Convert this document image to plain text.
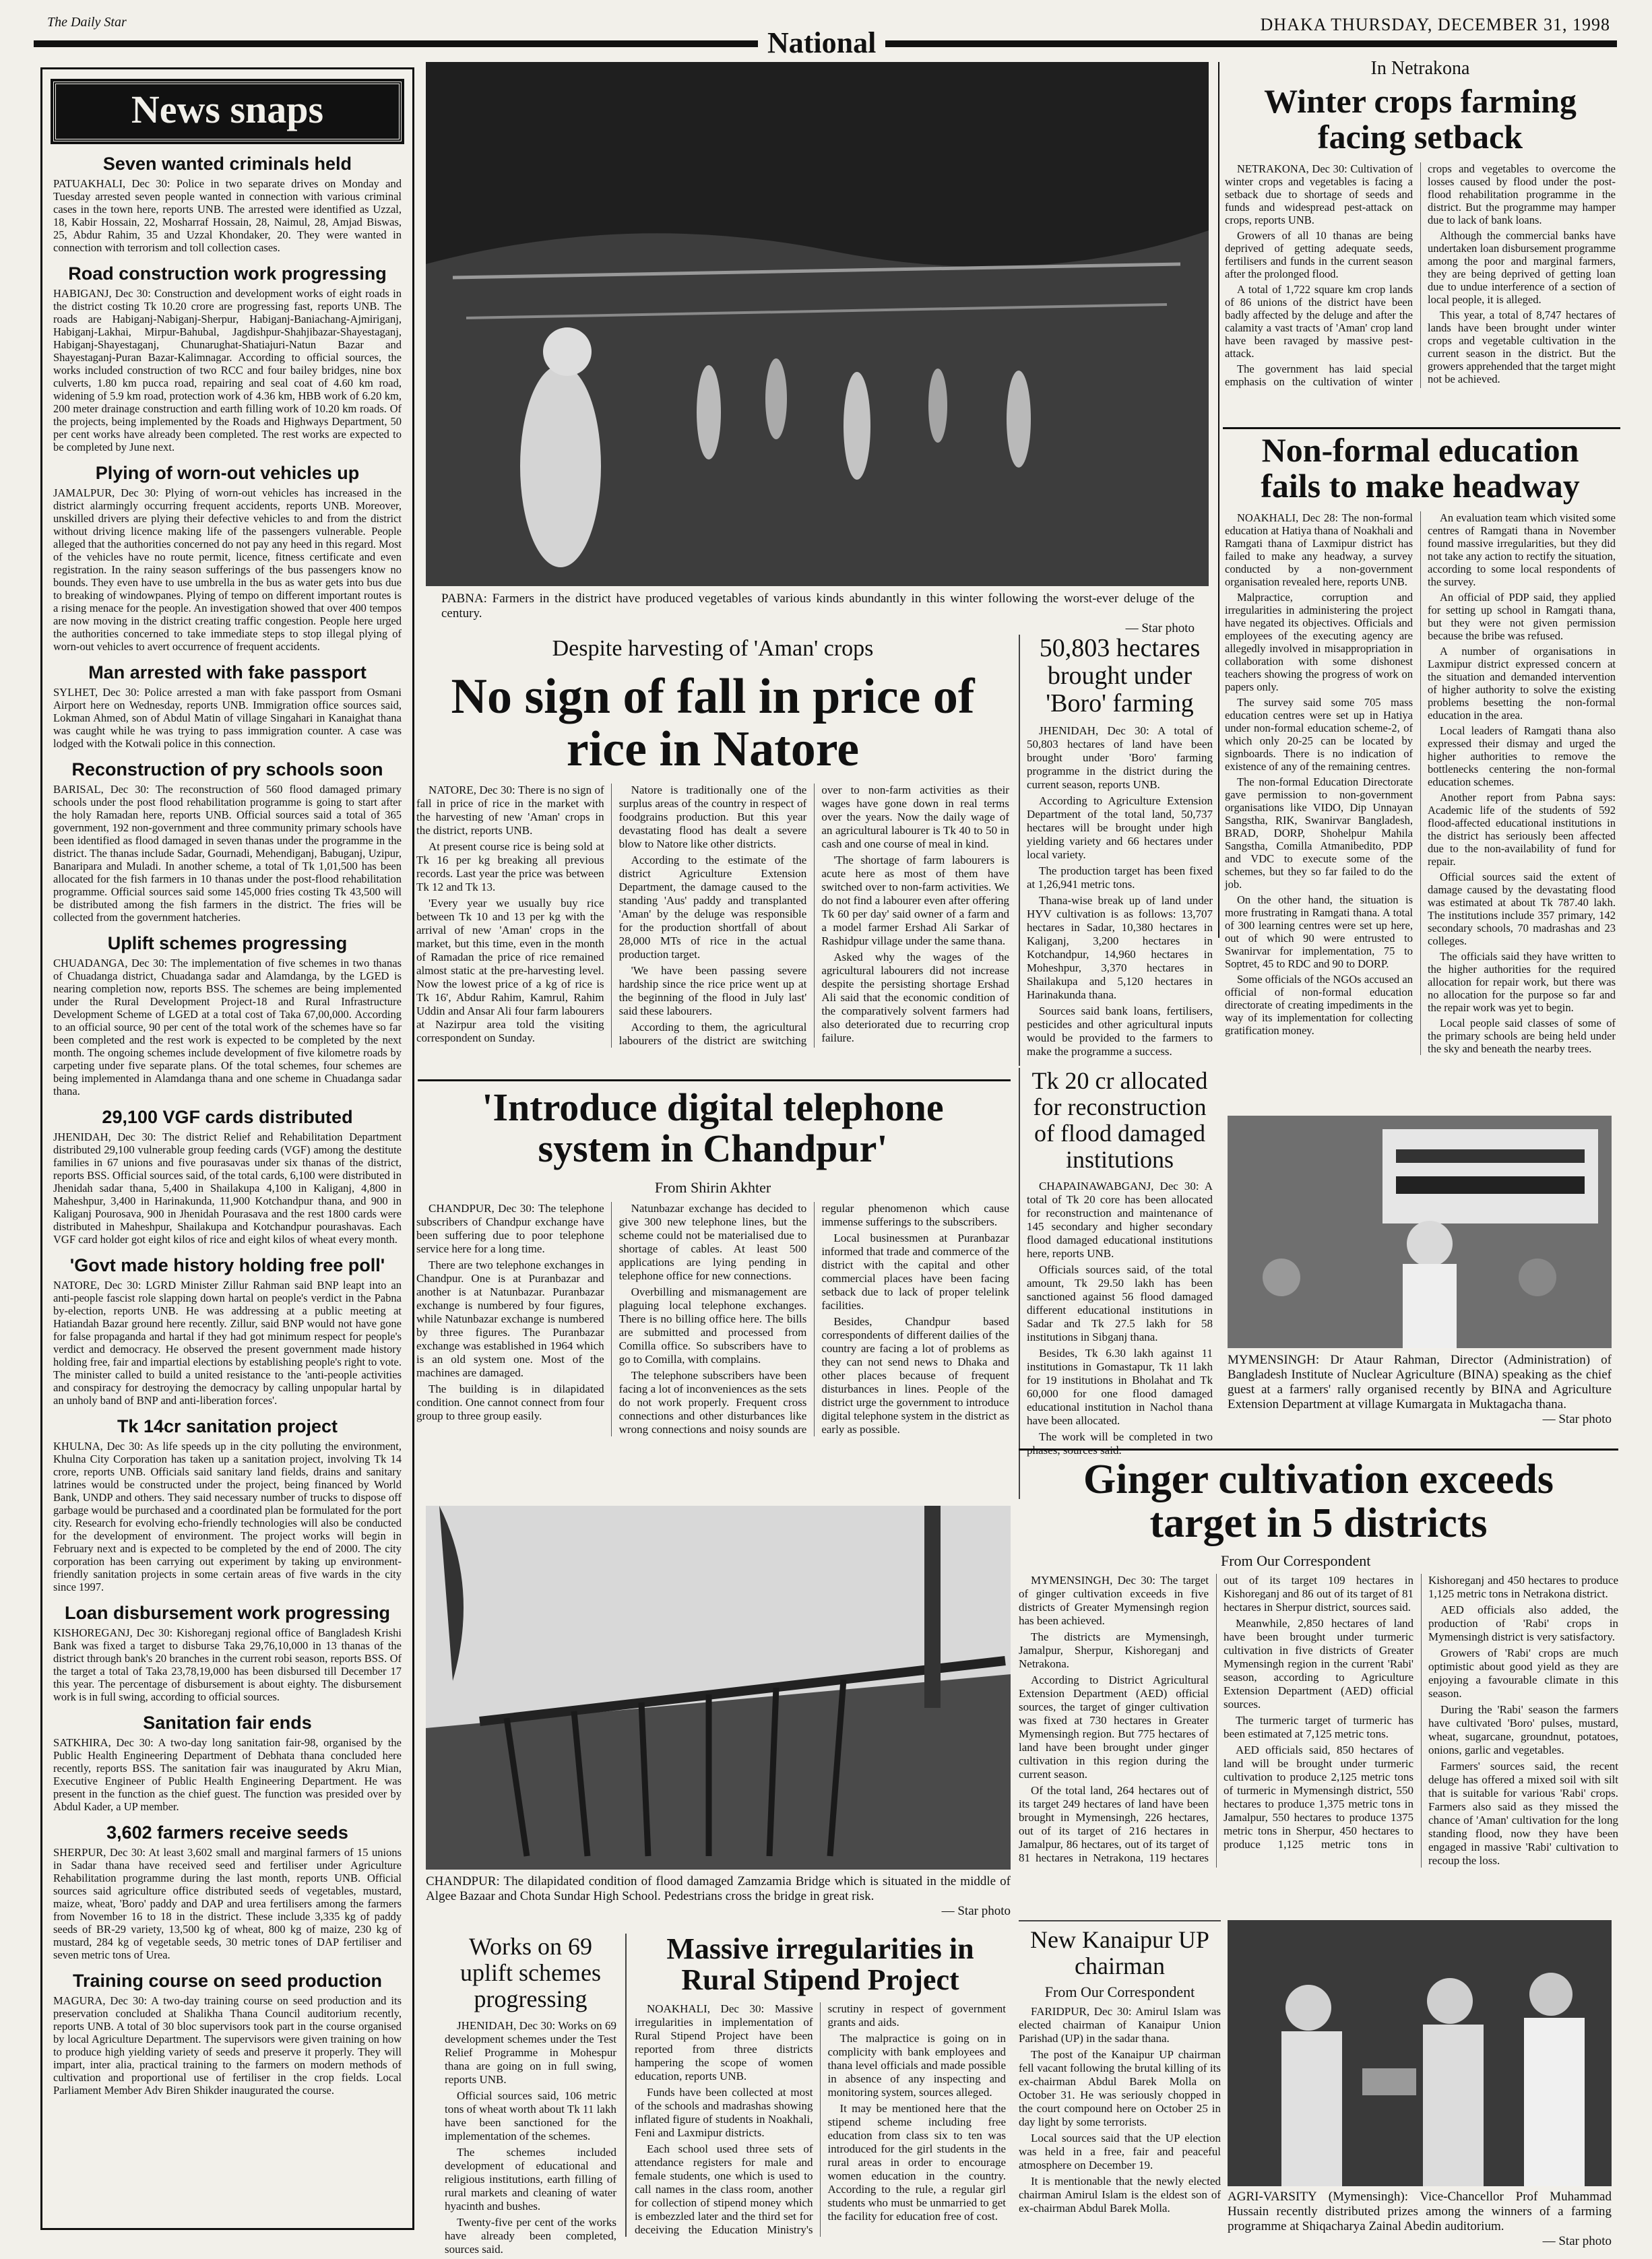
The Daily Star	DHAKA THURSDAY, DECEMBER 31, 1998
National
News snaps
Seven wanted criminals held

PATUAKHALI, Dec 30: Police in two separate drives on Monday and Tuesday arrested seven people wanted in connection with various criminal cases in the town here, reports UNB. The arrested were identified as Uzzal, 18, Kabir Hossain, 22, Mosharraf Hossain, 28, Naimul, 28, Amjad Biswas, 25, Abdur Rahim, 35 and Uzzal Khondaker, 20. They were wanted in connection with terrorism and toll collection cases.

Road construction work progressing

HABIGANJ, Dec 30: Construction and development works of eight roads in the district costing Tk 10.20 crore are progressing fast, reports UNB. The roads are Habiganj-Nabiganj-Sherpur, Habiganj-Baniachang-Ajmiriganj, Habiganj-Lakhai, Mirpur-Bahubal, Jagdishpur-Shahjibazar-Shayestaganj, Habiganj-Shayestaganj, Chunarughat-Shatiajuri-Natun Bazar and Shayestaganj-Puran Bazar-Kalimnagar. According to official sources, the works included construction of two RCC and four bailey bridges, nine box culverts, 1.80 km pucca road, repairing and seal coat of 4.60 km road, widening of 5.9 km road, protection work of 4.36 km, HBB work of 6.20 km, 200 meter drainage construction and earth filling work of 10.20 km roads. Of the projects, being implemented by the Roads and Highways Department, 50 per cent works have already been completed. The rest works are expected to be completed by June next.

Plying of worn-out vehicles up

JAMALPUR, Dec 30: Plying of worn-out vehicles has increased in the district alarmingly occurring frequent accidents, reports UNB. Moreover, unskilled drivers are plying their defective vehicles to and from the district without driving licence making life of the passengers vulnerable. People alleged that the authorities concerned do not pay any heed in this regard. Most of the vehicles have no route permit, licence, fitness certificate and even registration. In the rainy season sufferings of the bus passengers know no bounds. They even have to use umbrella in the bus as water gets into bus due to breaking of windowpanes. Plying of tempo on different important routes is a rising menace for the people. An investigation showed that over 400 tempos are now moving in the district creating traffic congestion. People here urged the authorities concerned to take immediate steps to stop illegal plying of worn-out vehicles to avert occurrence of frequent accidents.

Man arrested with fake passport

SYLHET, Dec 30: Police arrested a man with fake passport from Osmani Airport here on Wednesday, reports UNB. Immigration office sources said, Lokman Ahmed, son of Abdul Matin of village Singahari in Kanaighat thana was caught while he was trying to pass immigration counter. A case was lodged with the Kotwali police in this connection.

Reconstruction of pry schools soon

BARISAL, Dec 30: The reconstruction of 560 flood damaged primary schools under the post flood rehabilitation programme is going to start after the holy Ramadan here, reports UNB. Official sources said a total of 365 government, 192 non-government and three community primary schools have been identified as flood damaged in seven thanas under the programme in the district. The thanas include Sadar, Gournadi, Mehendiganj, Babuganj, Uzipur, Banaripara and Muladi. In another scheme, a total of Tk 1,01,500 has been allocated for the fish farmers in 10 thanas under the post-flood rehabilitation programme. Official sources said some 145,000 fries costing Tk 43,500 will be distributed among the fish farmers in the district. The fries will be collected from the government hatcheries.

Uplift schemes progressing

CHUADANGA, Dec 30: The implementation of five schemes in two thanas of Chuadanga district, Chuadanga sadar and Alamdanga, by the LGED is nearing completion now, reports BSS. The schemes are being implemented under the Rural Development Project-18 and Rural Infrastructure Development Scheme of LGED at a total cost of Taka 67,00,000. According to an official source, 90 per cent of the total work of the schemes have so far been completed and the rest work is expected to be completed by the next month. The ongoing schemes include development of five kilometre roads by carpeting under five separate plans. Of the total schemes, four schemes are being implemented in Alamdanga thana and one scheme in Chuadanga sadar thana.

29,100 VGF cards distributed

JHENIDAH, Dec 30: The district Relief and Rehabilitation Department distributed 29,100 vulnerable group feeding cards (VGF) among the destitute families in 67 unions and five pourasavas under six thanas of the district, reports BSS. Official sources said, of the total cards, 6,100 were distributed in Jhenidah sadar thana, 5,400 in Shailakupa 4,100 in Kaliganj, 4,800 in Maheshpur, 3,400 in Harinakunda, 11,900 Kotchandpur thana, and 900 in Kaliganj Pourosava, 900 in Jhenidah Pourasava and the rest 1800 cards were distributed in Maheshpur, Shailakupa and Kotchandpur pourashavas. Each VGF card holder got eight kilos of rice and eight kilos of wheat every month.

'Govt made history holding free poll'

NATORE, Dec 30: LGRD Minister Zillur Rahman said BNP leapt into an anti-people fascist role slapping down hartal on people's verdict in the Pabna by-election, reports UNB. He was addressing at a public meeting at Hatiandah Bazar ground here recently. Zillur, said BNP would not have gone for false propaganda and hartal if they had got minimum respect for people's verdict and democracy. He observed the present government made history holding free, fair and impartial elections by establishing people's right to vote. The minister called to build a united resistance to the 'anti-people activities and conspiracy for destroying the democracy by calling unpopular hartal by an unholy band of BNP and anti-liberation forces'.

Tk 14cr sanitation project

KHULNA, Dec 30: As life speeds up in the city polluting the environment, Khulna City Corporation has taken up a sanitation project, involving Tk 14 crore, reports UNB. Officials said sanitary land fields, drains and sanitary latrines would be constructed under the project, being financed by World Bank, UNDP and others. They said necessary number of trucks to dispose off garbage would be purchased and a coordinated plan be formulated for the port city. Research for evolving echo-friendly technologies will also be conducted for the development of environment. The project works will begin in February next and is expected to be completed by the end of 2000. The city corporation has been carrying out experiment by taking up environment-friendly sanitation projects in some certain areas of five wards in the city since 1997.

Loan disbursement work progressing

KISHOREGANJ, Dec 30: Kishoreganj regional office of Bangladesh Krishi Bank was fixed a target to disburse Taka 29,76,10,000 in 13 thanas of the district through bank's 20 branches in the current robi season, reports BSS. Of the target a total of Taka 23,78,19,000 has been disbursed till December 17 this year. The percentage of disbursement is about eighty. The disbursement work is in full swing, according to official sources.

Sanitation fair ends

SATKHIRA, Dec 30: A two-day long sanitation fair-98, organised by the Public Health Engineering Department of Debhata thana concluded here recently, reports BSS. The sanitation fair was inaugurated by Akru Mian, Executive Engineer of Public Health Engineering Department. He was present in the function as the chief guest. The function was presided over by Abdul Kader, a UP member.

3,602 farmers receive seeds

SHERPUR, Dec 30: At least 3,602 small and marginal farmers of 15 unions in Sadar thana have received seed and fertiliser under Agriculture Rehabilitation programme during the last month, reports UNB. Official sources said agriculture office distributed seeds of vegetables, mustard, maize, wheat, 'Boro' paddy and DAP and urea fertilisers among the farmers from November 16 to 18 in the district. These include 3,335 kg of paddy seeds of BR-29 variety, 13,500 kg of wheat, 800 kg of maize, 230 kg of mustard, 284 kg of vegetable seeds, 30 metric tones of DAP fertiliser and seven metric tons of Urea.

Training course on seed production

MAGURA, Dec 30: A two-day training course on seed production and its preservation concluded at Shalikha Thana Council auditorium recently, reports UNB. A total of 30 bloc supervisors took part in the course organised by local Agriculture Department. The supervisors were given training on how to produce high yielding variety of seeds and preserve it properly. They will impart, inter alia, practical training to the farmers on modern methods of cultivation and proportional use of fertiliser in the crop fields. Local Parliament Member Adv Biren Shikder inaugurated the course.

PABNA: Farmers in the district have produced vegetables of various kinds abundantly in this winter following the worst-ever deluge of the century.
— Star photo
Despite harvesting of 'Aman' crops
No sign of fall in price of rice in Natore

NATORE, Dec 30: There is no sign of fall in price of rice in the market with the harvesting of new 'Aman' crops in the district, reports UNB.

At present course rice is being sold at Tk 16 per kg breaking all previous records. Last year the price was between Tk 12 and Tk 13.

'Every year we usually buy rice between Tk 10 and 13 per kg with the arrival of new 'Aman' crops in the market, but this time, even in the month of Ramadan the price of rice remained almost static at the pre-harvesting level. Now the lowest price of a kg of rice is Tk 16', Abdur Rahim, Kamrul, Rahim Uddin and Ansar Ali four farm labourers at Nazirpur area told the visiting correspondent on Sunday.

Natore is traditionally one of the surplus areas of the country in respect of foodgrains production. But this year devastating flood has dealt a severe blow to Natore like other districts.

According to the estimate of the district Agriculture Extension Department, the damage caused to the standing 'Aus' paddy and transplanted 'Aman' by the deluge was responsible for the production shortfall of about 28,000 MTs of rice in the actual production target.

'We have been passing severe hardship since the rice price went up at the beginning of the flood in July last' said these labourers.

According to them, the agricultural labourers of the district are switching over to non-farm activities as their wages have gone down in real terms over the years. Now the daily wage of an agricultural labourer is Tk 40 to 50 in cash and one course of meal in kind.

'The shortage of farm labourers is acute here as most of them have switched over to non-farm activities. We do not find a labourer even after offering Tk 60 per day' said owner of a farm and a model farmer Ershad Ali Sarkar of Rashidpur village under the same thana.

Asked why the wages of the agricultural labourers did not increase despite the persisting shortage Ershad Ali said that the economic condition of the comparatively solvent farmers had also deteriorated due to recurring crop failure.

50,803 hectares brought under 'Boro' farming

JHENIDAH, Dec 30: A total of 50,803 hectares of land have been brought under 'Boro' farming programme in the district during the current season, reports UNB.

According to Agriculture Extension Department of the total land, 50,737 hectares will be brought under high yielding variety and 66 hectares under local variety.

The production target has been fixed at 1,26,941 metric tons.

Thana-wise break up of land under HYV cultivation is as follows: 13,707 hectares in Sadar, 10,380 hectares in Kaliganj, 3,200 hectares in Kotchandpur, 14,960 hectares in Moheshpur, 3,370 hectares in Shailakupa and 5,120 hectares in Harinakunda thana.

Sources said bank loans, fertilisers, pesticides and other agricultural inputs would be provided to the farmers to make the programme a success.

'Introduce digital telephone system in Chandpur'
From Shirin Akhter

CHANDPUR, Dec 30: The telephone subscribers of Chandpur exchange have been suffering due to poor telephone service here for a long time.

There are two telephone exchanges in Chandpur. One is at Puranbazar and another is at Natunbazar. Puranbazar exchange is numbered by four figures, while Natunbazar exchange is numbered by three figures. The Puranbazar exchange was established in 1964 which is an old system one. Most of the machines are damaged.

The building is in dilapidated condition. One cannot connect from four group to three group easily.

Natunbazar exchange has decided to give 300 new telephone lines, but the scheme could not be materialised due to shortage of cables. At least 500 applications are lying pending in telephone office for new connections.

Overbilling and mismanagement are plaguing local telephone exchanges. There is no billing office here. The bills are submitted and processed from Comilla office. So subscribers have to go to Comilla, with complains.

The telephone subscribers have been facing a lot of inconveniences as the sets do not work properly. Frequent cross connections and other disturbances like wrong connections and noisy sounds are regular phenomenon which cause immense sufferings to the subscribers.

Local businessmen at Puranbazar informed that trade and commerce of the district with the capital and other commercial places have been facing setback due to lack of proper telelink facilities.

Besides, Chandpur based correspondents of different dailies of the country are facing a lot of problems as they can not send news to Dhaka and other places because of frequent disturbances in lines. People of the district urge the government to introduce digital telephone system in the district as early as possible.

Tk 20 cr allocated for reconstruction of flood damaged institutions

CHAPAINAWABGANJ, Dec 30: A total of Tk 20 core has been allocated for reconstruction and maintenance of 145 secondary and higher secondary flood damaged educational institutions here, reports UNB.

Officials sources said, of the total amount, Tk 29.50 lakh has been sanctioned against 56 flood damaged different educational institutions in Sadar and Tk 27.5 lakh for 58 institutions in Sibganj thana.

Besides, Tk 6.30 lakh against 11 institutions in Gomastapur, Tk 11 lakh for 19 institutions in Bholahat and Tk 60,000 for one flood damaged educational institution in Nachol thana have been allocated.

The work will be completed in two

CHANDPUR: The dilapidated condition of flood damaged Zamzamia Bridge which is situated in the middle of Algee Bazaar and Chota Sundar High School. Pedestrians cross the bridge in great risk.
— Star photo
Works on 69 uplift schemes progressing

JHENIDAH, Dec 30: Works on 69 development schemes under the Test Relief Programme in Mohespur thana are going on in full swing, reports UNB.

Official sources said, 106 metric tons of wheat worth about Tk 11 lakh have been sanctioned for the implementation of the schemes.

The schemes included development of educational and religious institutions, earth filling of rural markets and cleaning of water hyacinth and bushes.

Twenty-five per cent of the works have already been completed, sources said.

Massive irregularities in Rural Stipend Project

NOAKHALI, Dec 30: Massive irregularities in implementation of Rural Stipend Project have been reported from three districts hampering the scope of women education, reports UNB.

Funds have been collected at most of the schools and madrashas showing inflated figure of students in Noakhali, Feni and Laxmipur districts.

Each school used three sets of attendance registers for male and female students, one which is used to call names in the class room, another for collection of stipend money which is embezzled later and the third set for deceiving the Education Ministry's scrutiny in respect of government grants and aids.

The malpractice is going on in complicity with bank employees and thana level officials and made possible in absence of any inspecting and monitoring system, sources alleged.

It may be mentioned here that the stipend scheme including free education from class six to ten was introduced for the girl students in the rural areas in order to encourage women education in the country. According to the rule, a regular girl students who must be unmarried to get the facility for education free of cost.

In Netrakona
Winter crops farming facing setback

NETRAKONA, Dec 30: Cultivation of winter crops and vegetables is facing a setback due to shortage of seeds and funds and widespread pest-attack on crops, reports UNB.

Growers of all 10 thanas are being deprived of getting adequate seeds, fertilisers and funds in the current season after the prolonged flood.

A total of 1,722 square km crop lands of 86 unions of the district have been badly affected by the deluge and after the calamity a vast tracts of 'Aman' crop land have been ravaged by massive pest-attack.

The government has laid special emphasis on the cultivation of winter crops and vegetables to overcome the losses caused by flood under the post-flood rehabilitation programme in the district. But the programme may hamper due to lack of bank loans.

Although the commercial banks have undertaken loan disbursement programme among the poor and marginal farmers, they are being deprived of getting loan due to undue interference of a section of local people, it is alleged.

This year, a total of 8,747 hectares of lands have been brought under winter crops and vegetable cultivation in the current season in the district. But the growers apprehended that the target might not be achieved.

Non-formal education fails to make headway

NOAKHALI, Dec 28: The non-formal education at Hatiya thana of Noakhali and Ramgati thana of Laxmipur district has failed to make any headway, a survey conducted by a non-government organisation revealed here, reports UNB.

Malpractice, corruption and irregularities in administering the project have negated its objectives. Officials and employees of the executing agency are allegedly involved in misappropriation in collaboration with some dishonest teachers showing the progress of work on papers only.

The survey said some 705 mass education centres were set up in Hatiya under non-formal education scheme-2, of which only 20-25 can be located by signboards. There is no indication of existence of any of the remaining centres.

The non-formal Education Directorate gave permission to non-government organisations like VIDO, Dip Unnayan Sangstha, RIK, Swanirvar Bangladesh, BRAD, DORP, Shohelpur Mahila Sangstha, Comilla Atmanibedito, PDP and VDC to execute some of the schemes, but they so far failed to do the job.

On the other hand, the situation is more frustrating in Ramgati thana. A total of 300 learning centres were set up here, out of which 90 were entrusted to Swanirvar for implementation, 75 to Soptret, 45 to RDC and 90 to DORP.

Some officials of the NGOs accused an official of non-formal education directorate of creating impediments in the way of its implementation for collecting gratification money.

An evaluation team which visited some centres of Ramgati thana in November found massive irregularities, but they did not take any action to rectify the situation, according to some local respondents of the survey.

An official of PDP said, they applied for setting up school in Ramgati thana, but they were not given permission because the bribe was refused.

A number of organisations in Laxmipur district expressed concern at the situation and demanded intervention of higher authority to solve the existing problems besetting the non-formal education in the area.

Local leaders of Ramgati thana also expressed their dismay and urged the higher authorities to remove the bottlenecks centering the non-formal education schemes.

Another report from Pabna says: Academic life of the students of 592 flood-affected educational institutions in the district has seriously been affected due to the non-availability of fund for repair.

Official sources said the extent of damage caused by the devastating flood was estimated at about Tk 787.40 lakh. The institutions include 357 primary, 142 secondary schools, 70 madrashas and 23 colleges.

The officials said they have written to the higher authorities for the required allocation for repair work, but there was no allocation for the purpose so far and the repair work was yet to begin.

Local people said classes of some of the primary schools are being held under the sky and beneath the nearby trees.

MYMENSINGH: Dr Ataur Rahman, Director (Administration) of Bangladesh Institute of Nuclear Agriculture (BINA) speaking as the chief guest at a farmers' rally organised recently by BINA and Agriculture Extension Department at village Kumargata in Muktagacha thana.
— Star photo
Ginger cultivation exceeds target in 5 districts
From Our Correspondent

MYMENSINGH, Dec 30: The target of ginger cultivation exceeds in five districts of Greater Mymensingh region has been achieved.

The districts are Mymensingh, Jamalpur, Sherpur, Kishoreganj and Netrakona.

According to District Agricultural Extension Department (AED) official sources, the target of ginger cultivation was fixed at 730 hectares in Greater Mymensingh region. But 775 hectares of land have been brought under ginger cultivation in this region during the current season.

Of the total land, 264 hectares out of its target 249 hectares of land have been brought in Mymensingh, 226 hectares, out of its target of 216 hectares in Jamalpur, 86 hectares, out of its target of 81 hectares in Netrakona, 119 hectares out of its target 109 hectares in Kishoreganj and 86 out of its target of 81 hectares in Sherpur district, sources said.

Meanwhile, 2,850 hectares of land have been brought under turmeric cultivation in five districts of Greater Mymensingh region in the current 'Rabi' season, according to Agriculture Extension Department (AED) official sources.

The turmeric target of turmeric has been estimated at 7,125 metric tons.

AED officials said, 850 hectares of land will be brought under turmeric cultivation to produce 2,125 metric tons of turmeric in Mymensingh district, 550 hectares to produce 1,375 metric tons in Jamalpur, 550 hectares to produce 1375 metric tons in Sherpur, 450 hectares to produce 1,125 metric tons in Kishoreganj and 450 hectares to produce 1,125 metric tons in Netrakona district.

AED officials also added, the production of 'Rabi' crops in Mymensingh district is very satisfactory.

Growers of 'Rabi' crops are much optimistic about good yield as they are enjoying a favourable climate in this season.

During the 'Rabi' season the farmers have cultivated 'Boro' pulses, mustard, wheat, sugarcane, groundnut, potatoes, onions, garlic and vegetables.

Farmers' sources said, the recent deluge has offered a mixed soil with silt that is suitable for various 'Rabi' crops. Farmers also said as they missed the chance of 'Aman' cultivation for the long standing flood, now they have been engaged in massive 'Rabi' cultivation to recoup the loss.

New Kanaipur UP chairman
From Our Correspondent

FARIDPUR, Dec 30: Amirul Islam was elected chairman of Kanaipur Union Parishad (UP) in the sadar thana.

The post of the Kanaipur UP chairman fell vacant following the brutal killing of its ex-chairman Abdul Barek Molla on October 31. He was seriously chopped in the court compound here on October 25 in day light by some terrorists.

Local sources said that the UP election was held in a free, fair and peaceful atmosphere on December 19.

It is mentionable that the newly elected chairman Amirul Islam is the eldest son of ex-chairman Abdul Barek Molla.

AGRI-VARSITY (Mymensingh): Vice-Chancellor Prof Muhammad Hussain recently distributed prizes among the winners of a farming programme at Shiqacharya Zainal Abedin auditorium.
— Star photo
